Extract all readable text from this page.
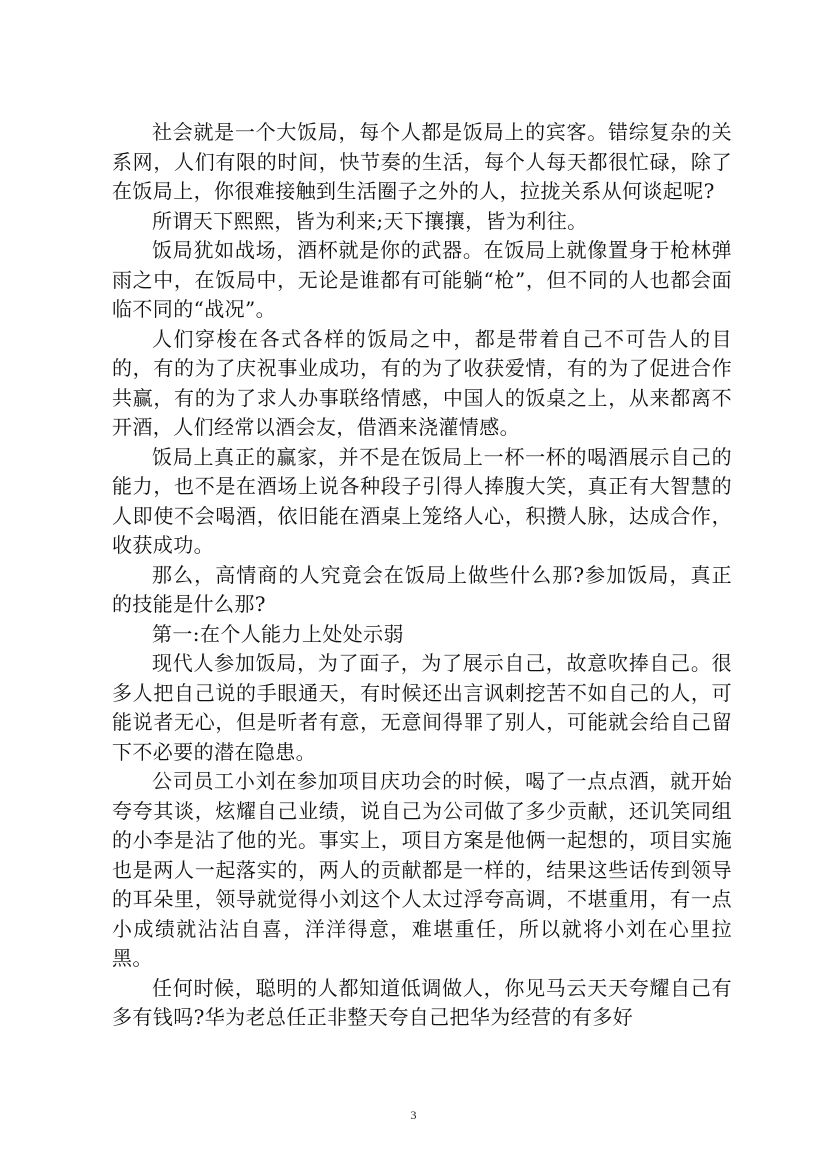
社会就是一个大饭局，每个人都是饭局上的宾客。错综复杂的关系网，人们有限的时间，快节奏的生活，每个人每天都很忙碌，除了在饭局上，你很难接触到生活圈子之外的人，拉拢关系从何谈起呢?

所谓天下熙熙，皆为利来;天下攘攘，皆为利往。

饭局犹如战场，酒杯就是你的武器。在饭局上就像置身于枪林弹雨之中，在饭局中，无论是谁都有可能躺“枪”，但不同的人也都会面临不同的“战况”。

人们穿梭在各式各样的饭局之中，都是带着自己不可告人的目的，有的为了庆祝事业成功，有的为了收获爱情，有的为了促进合作共赢，有的为了求人办事联络情感，中国人的饭桌之上，从来都离不开酒，人们经常以酒会友，借酒来浇灌情感。

饭局上真正的赢家，并不是在饭局上一杯一杯的喝酒展示自己的能力，也不是在酒场上说各种段子引得人捧腹大笑，真正有大智慧的人即使不会喝酒，依旧能在酒桌上笼络人心，积攒人脉，达成合作，收获成功。

那么，高情商的人究竟会在饭局上做些什么那?参加饭局，真正的技能是什么那?

第一:在个人能力上处处示弱

现代人参加饭局，为了面子，为了展示自己，故意吹捧自己。很多人把自己说的手眼通天，有时候还出言讽刺挖苦不如自己的人，可能说者无心，但是听者有意，无意间得罪了别人，可能就会给自己留下不必要的潜在隐患。

公司员工小刘在参加项目庆功会的时候，喝了一点点酒，就开始夸夸其谈，炫耀自己业绩，说自己为公司做了多少贡献，还讥笑同组的小李是沾了他的光。事实上，项目方案是他俩一起想的，项目实施也是两人一起落实的，两人的贡献都是一样的，结果这些话传到领导的耳朵里，领导就觉得小刘这个人太过浮夸高调，不堪重用，有一点小成绩就沾沾自喜，洋洋得意，难堪重任，所以就将小刘在心里拉黑。

任何时候，聪明的人都知道低调做人，你见马云天天夸耀自己有多有钱吗?华为老总任正非整天夸自己把华为经营的有多好

3
